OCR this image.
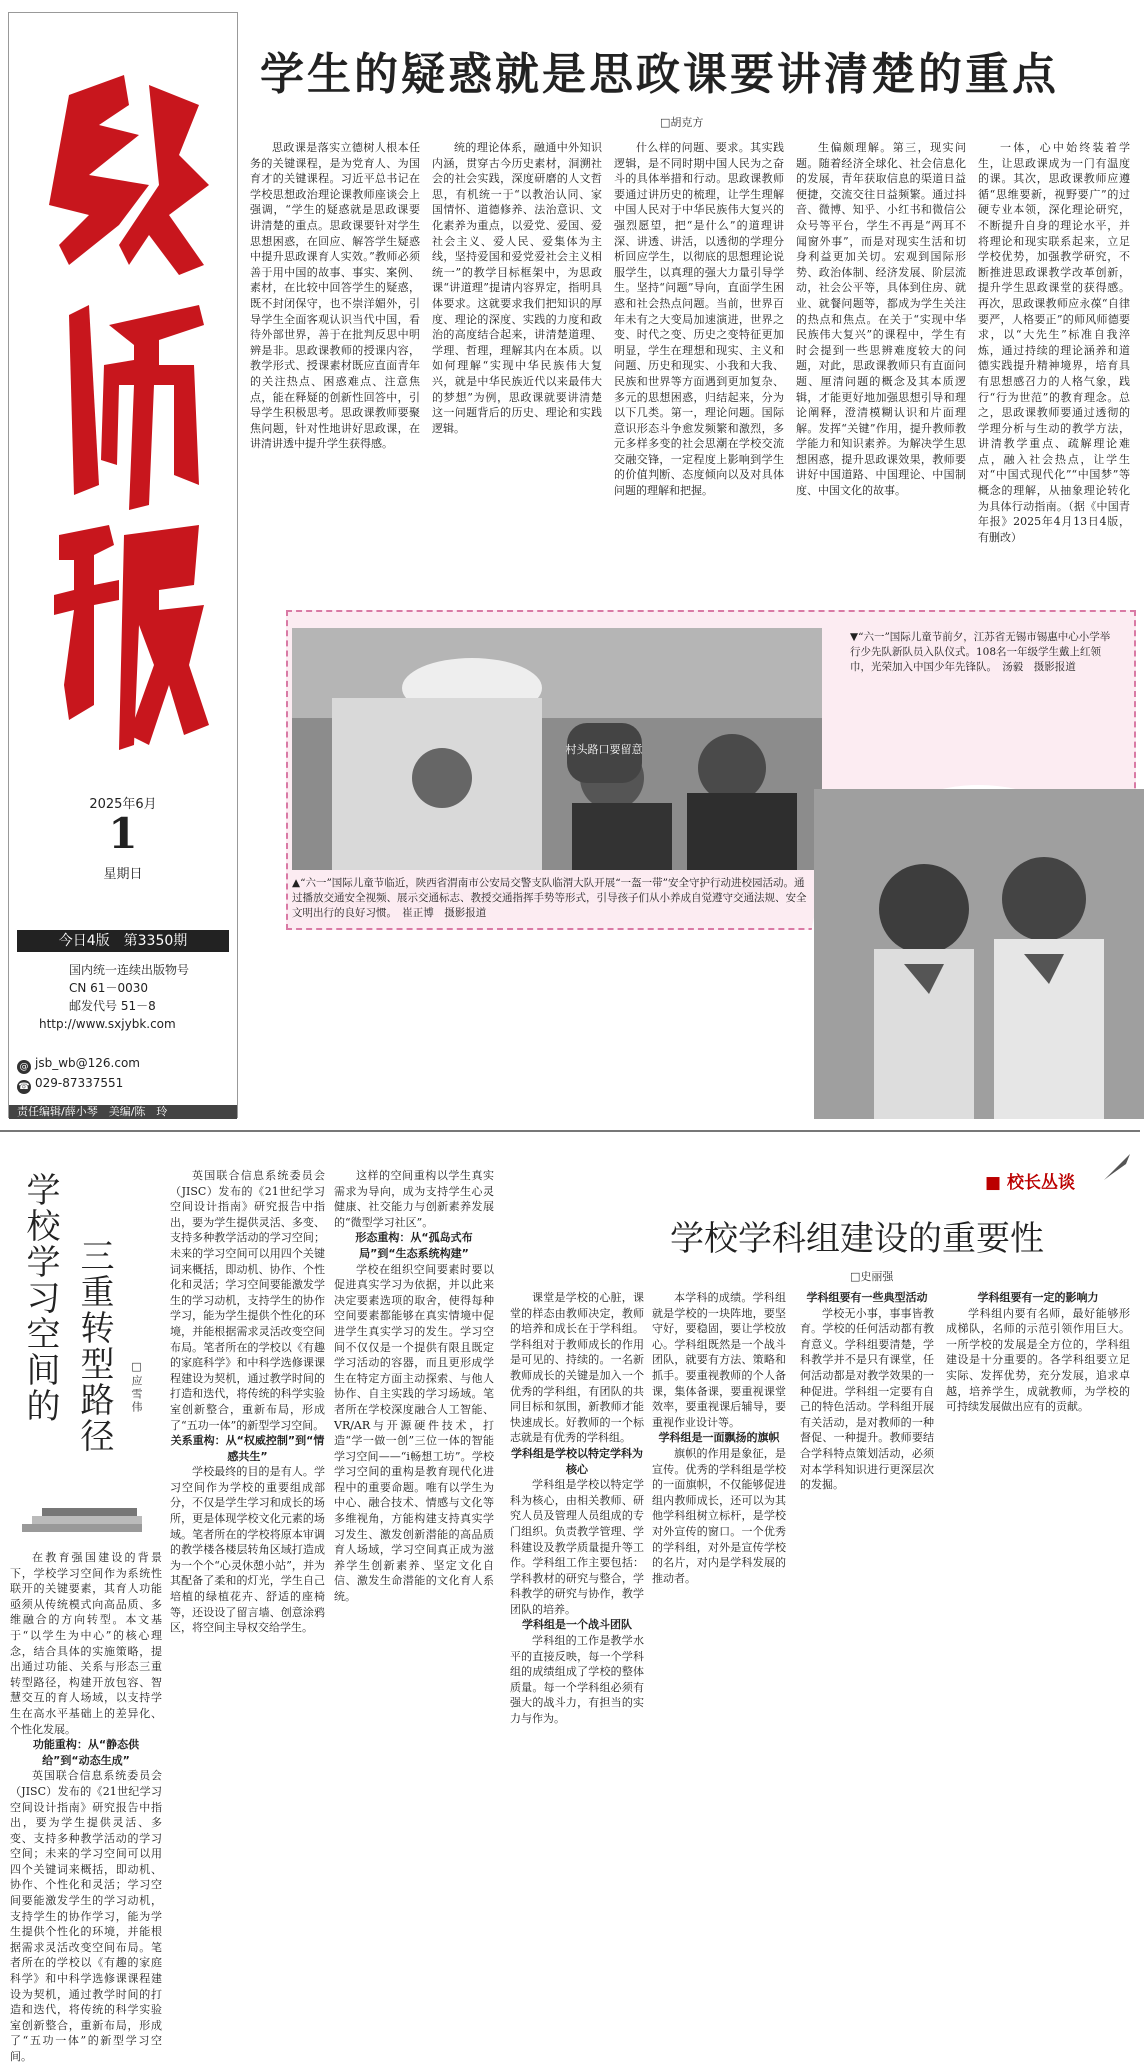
2025年6月
1
星期日
今日4版　第3350期
国内统一连续出版物号
CN 61－0030
邮发代号 51－8
http://www.sxjybk.com
@ jsb_wb@126.com
☎ 029-87337551
责任编辑/薛小琴　美编/陈　玲
学生的疑惑就是思政课要讲清楚的重点
□胡克方

思政课是落实立德树人根本任务的关键课程，是为党育人、为国育才的关键课程。习近平总书记在学校思想政治理论课教师座谈会上强调，“学生的疑惑就是思政课要讲清楚的重点。思政课要针对学生思想困惑，在回应、解答学生疑惑中提升思政课育人实效。”教师必须善于用中国的故事、事实、案例、素材，在比较中回答学生的疑惑，既不封闭保守，也不崇洋媚外，引导学生全面客观认识当代中国，看待外部世界，善于在批判反思中明辨是非。思政课教师的授课内容，教学形式、授课素材既应直面青年的关注热点、困惑难点、注意焦点，能在释疑的创新性回答中，引导学生积极思考。思政课教师要聚焦问题，针对性地讲好思政课，在讲清讲透中提升学生获得感。

统的理论体系，融通中外知识内涵，贯穿古今历史素材，洞溯社会的社会实践，深度研磨的人文哲思，有机统一于“以教治认同、家国情怀、道德修养、法治意识、文化素养为重点，以爱党、爱国、爱社会主义、爱人民、爱集体为主线，坚持爱国和爱党爱社会主义相统一”的教学目标框架中，为思政课“讲道理”提请内容界定，指明具体要求。这就要求我们把知识的厚度、理论的深度、实践的力度和政治的高度结合起来，讲清楚道理、学理、哲理，理解其内在本质。以如何理解“实现中华民族伟大复兴，就是中华民族近代以来最伟大的梦想”为例，思政课就要讲清楚这一问题背后的历史、理论和实践逻辑。

什么样的问题、要求。其实践逻辑，是不同时期中国人民为之奋斗的具体举措和行动。思政课教师要通过讲历史的梳理，让学生理解中国人民对于中华民族伟大复兴的强烈愿望，把“是什么”的道理讲深、讲透、讲活，以透彻的学理分析回应学生，以彻底的思想理论说服学生，以真理的强大力量引导学生。坚持“问题”导向，直面学生困惑和社会热点问题。当前，世界百年未有之大变局加速演进，世界之变、时代之变、历史之变特征更加明显，学生在理想和现实、主义和问题、历史和现实、小我和大我、民族和世界等方面遇到更加复杂、多元的思想困惑，归结起来，分为以下几类。第一，理论问题。国际意识形态斗争愈发频繁和激烈，多元多样多变的社会思潮在学校交流交融交锋，一定程度上影响到学生的价值判断、态度倾向以及对具体问题的理解和把握。

生偏颇理解。第三，现实问题。随着经济全球化、社会信息化的发展，青年获取信息的渠道日益便捷，交流交往日益频繁。通过抖音、微博、知乎、小红书和微信公众号等平台，学生不再是“两耳不闻窗外事”，而是对现实生活和切身利益更加关切。宏观到国际形势、政治体制、经济发展、阶层流动，社会公平等，具体到住房、就业、就餐问题等，都成为学生关注的热点和焦点。在关于“实现中华民族伟大复兴”的课程中，学生有时会提到一些思辨难度较大的问题，对此，思政课教师只有直面问题、厘清问题的概念及其本质逻辑，才能更好地加强思想引导和理论阐释，澄清模糊认识和片面理解。发挥“关键”作用，提升教师教学能力和知识素养。为解决学生思想困惑，提升思政课效果，教师要讲好中国道路、中国理论、中国制度、中国文化的故事。

一体，心中始终装着学生，让思政课成为一门有温度的课。其次，思政课教师应遵循“思维要新，视野要广”的过硬专业本领，深化理论研究，不断提升自身的理论水平，并将理论和现实联系起来，立足学校优势，加强教学研究，不断推进思政课教学改革创新，提升学生思政课堂的获得感。再次，思政课教师应永葆“自律要严，人格要正”的师风师德要求，以“大先生”标准自我淬炼，通过持续的理论涵养和道德实践提升精神境界，培育具有思想感召力的人格气象，践行“行为世范”的教育理念。总之，思政课教师要通过透彻的学理分析与生动的教学方法，讲清教学重点、疏解理论难点，融入社会热点，让学生对“中国式现代化”“中国梦”等概念的理解，从抽象理论转化为具体行动指南。（据《中国青年报》2025年4月13日4版，有删改）

村头路口要留意
▼“六一”国际儿童节前夕，江苏省无锡市锡惠中心小学举行少先队新队员入队仪式。108名一年级学生戴上红领巾，光荣加入中国少年先锋队。　汤毅　摄影报道
▲“六一”国际儿童节临近，陕西省渭南市公安局交警支队临渭大队开展“一盔一带”安全守护行动进校园活动。通过播放交通安全视频、展示交通标志、教授交通指挥手势等形式，引导孩子们从小养成自觉遵守交通法规、安全文明出行的良好习惯。　崔正博　摄影报道
学校学习空间的 三重转型路径 □应雪伟

在教育强国建设的背景下，学校学习空间作为系统性联开的关键要素，其育人功能亟须从传统模式向高品质、多维融合的方向转型。本文基于“以学生为中心”的核心理念，结合具体的实施策略，提出通过功能、关系与形态三重转型路径，构建开放包容、智慧交互的育人场域，以支持学生在高水平基础上的差异化、个性化发展。

功能重构：从“静态供给”到“动态生成”

英国联合信息系统委员会（JISC）发布的《21世纪学习空间设计指南》研究报告中指出，要为学生提供灵活、多变、支持多种教学活动的学习空间；未来的学习空间可以用四个关键词来概括，即动机、协作、个性化和灵活；学习空间要能激发学生的学习动机，支持学生的协作学习，能为学生提供个性化的环境，并能根据需求灵活改变空间布局。笔者所在的学校以《有趣的家庭科学》和中科学选修课课程建设为契机，通过教学时间的打造和迭代，将传统的科学实验室创新整合，重新布局，形成了“五功一体”的新型学习空间。

英国联合信息系统委员会（JISC）发布的《21世纪学习空间设计指南》研究报告中指出，要为学生提供灵活、多变、支持多种教学活动的学习空间；未来的学习空间可以用四个关键词来概括，即动机、协作、个性化和灵活；学习空间要能激发学生的学习动机，支持学生的协作学习，能为学生提供个性化的环境，并能根据需求灵活改变空间布局。笔者所在的学校以《有趣的家庭科学》和中科学选修课课程建设为契机，通过教学时间的打造和迭代，将传统的科学实验室创新整合，重新布局，形成了“五功一体”的新型学习空间。

关系重构：从“权威控制”到“情感共生”

学校最终的目的是有人。学习空间作为学校的重要组成部分，不仅是学生学习和成长的场所，更是体现学校文化元素的场域。笔者所在的学校将原本审调的教学楼各楼层转角区域打造成为一个个“心灵休憩小站”，并为其配备了柔和的灯光，学生自己培植的绿植花卉、舒适的座椅等，还设设了留言墙、创意涂鸦区，将空间主导权交给学生。

这样的空间重构以学生真实需求为导向，成为支持学生心灵健康、社交能力与创新素养发展的“微型学习社区”。

形态重构：从“孤岛式布局”到“生态系统构建”

学校在组织空间要素时要以促进真实学习为依据，并以此来决定要素选项的取舍，使得每种空间要素都能够在真实情境中促进学生真实学习的发生。学习空间不仅仅是一个提供有限且既定学习活动的容器，而且更形成学生在特定方面主动探索、与他人协作、自主实践的学习场域。笔者所在学校深度融合人工智能、VR/AR与开源硬件技术，打造“学一做一创”三位一体的智能学习空间——“i畅想工坊”。学校学习空间的重构是教育现代化进程中的重要命题。唯有以学生为中心、融合技术、情感与文化等多维视角，方能构建支持真实学习发生、激发创新潜能的高品质育人场域，学习空间真正成为滋养学生创新素养、坚定文化自信、激发生命潜能的文化育人系统。

■ 校长丛谈
学校学科组建设的重要性
□史丽强

课堂是学校的心脏，课堂的样态由教师决定，教师的培养和成长在于学科组。学科组对于教师成长的作用是可见的、持续的。一名新教师成长的关键是加入一个优秀的学科组，有团队的共同目标和氛围，新教师才能快速成长。好教师的一个标志就是有优秀的学科组。

学科组是学校以特定学科为核心

学科组是学校以特定学科为核心，由相关教师、研究人员及管理人员组成的专门组织。负责教学管理、学科建设及教学质量提升等工作。学科组工作主要包括：学科教材的研究与整合，学科教学的研究与协作，教学团队的培养。

学科组是一个战斗团队

学科组的工作是教学水平的直接反映，每一个学科组的成绩组成了学校的整体质量。每一个学科组必须有强大的战斗力，有担当的实力与作为。

本学科的成绩。学科组就是学校的一块阵地，要坚守好，要稳固，要让学校放心。学科组既然是一个战斗团队，就要有方法、策略和抓手。要重视教师的个人备课，集体备课，要重视课堂效率，要重视课后辅导，要重视作业设计等。

学科组是一面飘扬的旗帜

旗帜的作用是象征，是宣传。优秀的学科组是学校的一面旗帜，不仅能够促进组内教师成长，还可以为其他学科组树立标杆，是学校对外宣传的窗口。一个优秀的学科组，对外是宣传学校的名片，对内是学科发展的推动者。

学科组要有一些典型活动

学校无小事，事事皆教育。学校的任何活动都有教育意义。学科组要清楚，学科教学并不是只有课堂，任何活动都是对教学效果的一种促进。学科组一定要有自己的特色活动。学科组开展有关活动，是对教师的一种督促、一种提升。教师要结合学科特点策划活动，必须对本学科知识进行更深层次的发掘。

学科组要有一定的影响力

学科组内要有名师，最好能够形成梯队，名师的示范引领作用巨大。一所学校的发展是全方位的，学科组建设是十分重要的。各学科组要立足实际、发挥优势，充分发展，追求卓越，培养学生，成就教师，为学校的可持续发展做出应有的贡献。
